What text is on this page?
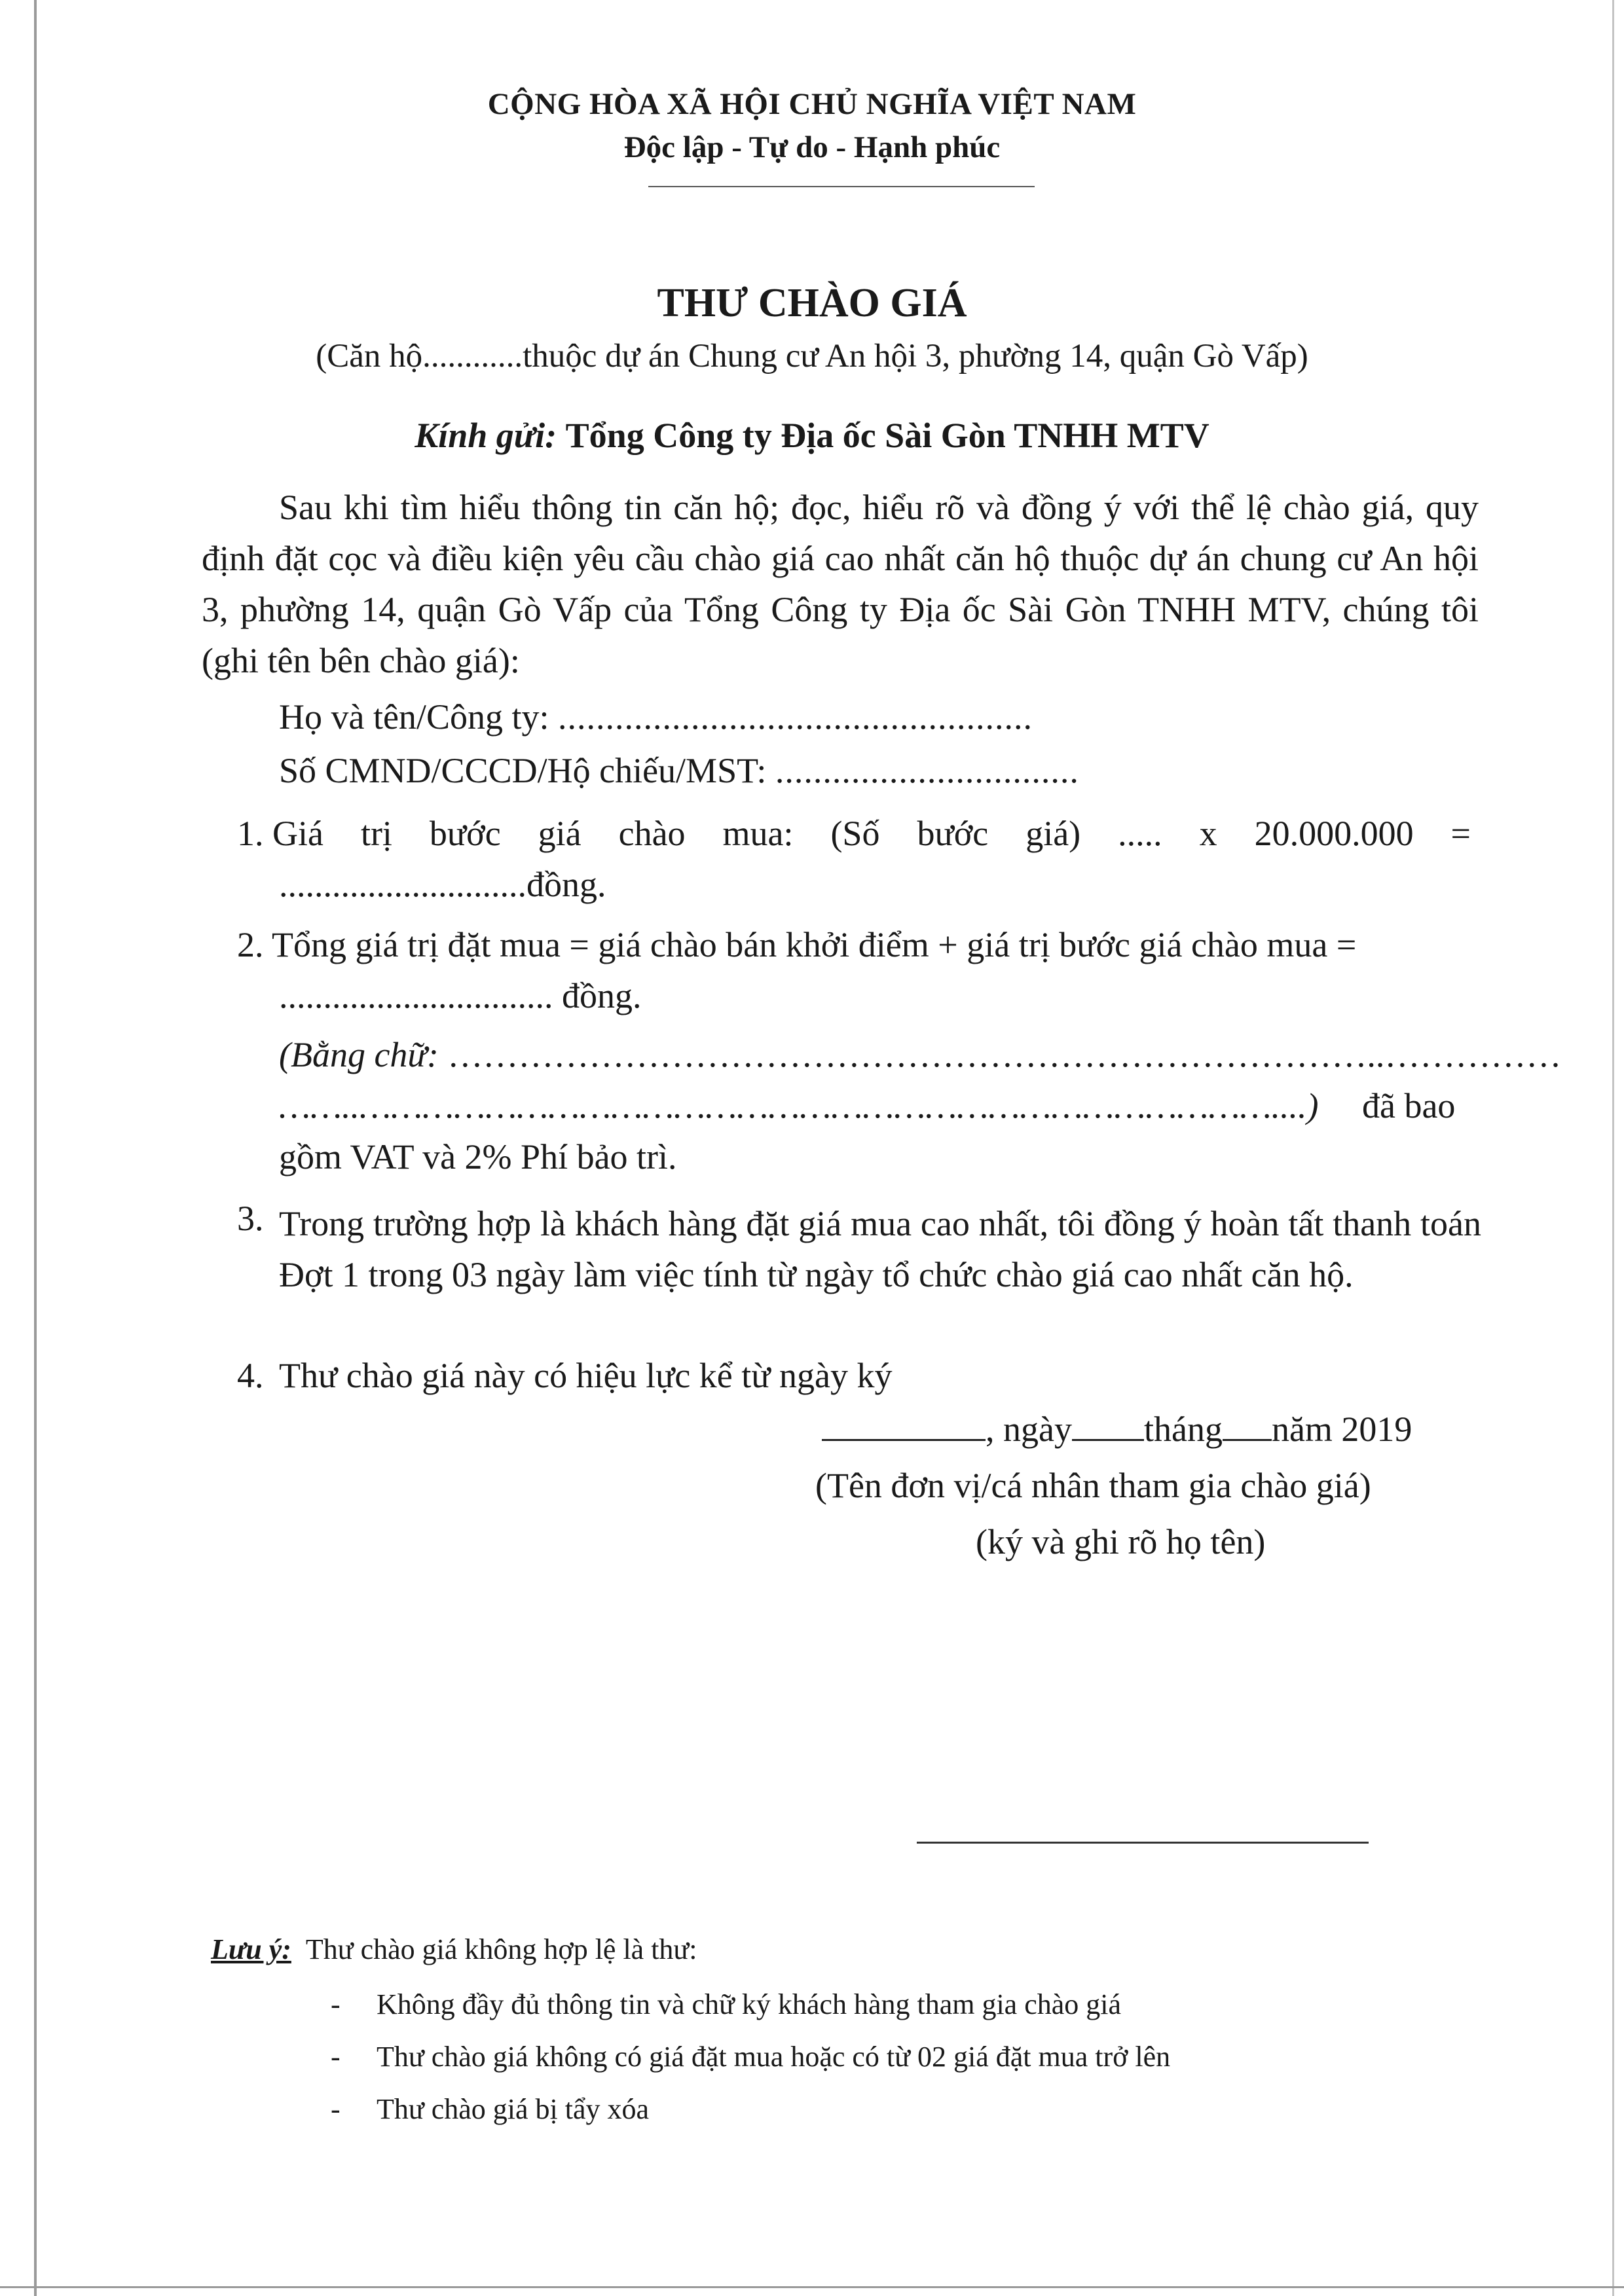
CỘNG HÒA XÃ HỘI CHỦ NGHĨA VIỆT NAM
Độc lập - Tự do - Hạnh phúc
THƯ CHÀO GIÁ
(Căn hộ............thuộc dự án Chung cư An hội 3, phường 14, quận Gò Vấp)
Kính gửi: Tổng Công ty Địa ốc Sài Gòn TNHH MTV
Sau khi tìm hiểu thông tin căn hộ; đọc, hiểu rõ và đồng ý với thể lệ chào giá, quy định đặt cọc và điều kiện yêu cầu chào giá cao nhất căn hộ thuộc dự án chung cư An hội 3, phường 14, quận Gò Vấp của Tổng Công ty Địa ốc Sài Gòn TNHH MTV, chúng tôi (ghi tên bên chào giá):
Họ và tên/Công ty: ..................................................
Số CMND/CCCD/Hộ chiếu/MST: ................................
1. Giá trị bước giá chào mua: (Số bước giá) ..... x 20.000.000 =
............................đồng.
2. Tổng giá trị đặt mua = giá chào bán khởi điểm + giá trị bước giá chào mua =
............................... đồng.
(Bằng chữ: ……………………………………………………………………..……………
……..……………………………………………………………………………....) đã bao
gồm VAT và 2% Phí bảo trì.
3. Trong trường hợp là khách hàng đặt giá mua cao nhất, tôi đồng ý hoàn tất thanh toán Đợt 1 trong 03 ngày làm việc tính từ ngày tổ chức chào giá cao nhất căn hộ.
4. Thư chào giá này có hiệu lực kể từ ngày ký
, ngày tháng năm 2019
(Tên đơn vị/cá nhân tham gia chào giá)
(ký và ghi rõ họ tên)
Lưu ý: Thư chào giá không hợp lệ là thư:
- Không đầy đủ thông tin và chữ ký khách hàng tham gia chào giá
- Thư chào giá không có giá đặt mua hoặc có từ 02 giá đặt mua trở lên
- Thư chào giá bị tẩy xóa
